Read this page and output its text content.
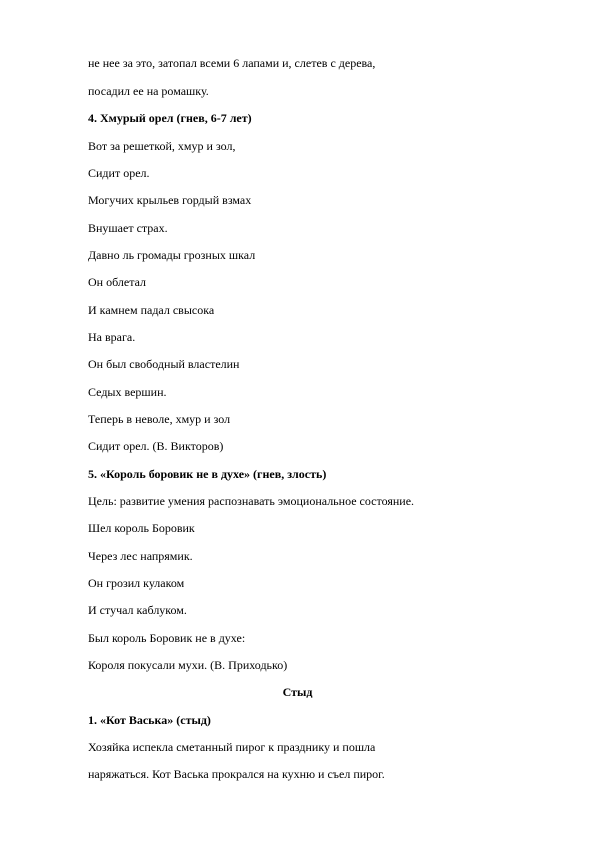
не нее за это, затопал всеми 6 лапами и, слетев с дерева,
посадил ее на ромашку.
4. Хмурый орел (гнев, 6-7 лет)
Вот за решеткой, хмур и зол,
Сидит орел.
Могучих крыльев гордый взмах
Внушает страх.
Давно ль громады грозных шкал
Он облетал
И камнем падал свысока
На врага.
Он был свободный властелин
Седых вершин.
Теперь в неволе, хмур и зол
Сидит орел. (В. Викторов)
5. «Король боровик не в духе» (гнев, злость)
Цель: развитие умения распознавать эмоциональное состояние.
Шел король Боровик
Через лес напрямик.
Он грозил кулаком
И стучал каблуком.
Был король Боровик не в духе:
Короля покусали мухи. (В. Приходько)
Стыд
1. «Кот Васька» (стыд)
Хозяйка испекла сметанный пирог к празднику и пошла
наряжаться. Кот Васька прокрался на кухню и съел пирог.
